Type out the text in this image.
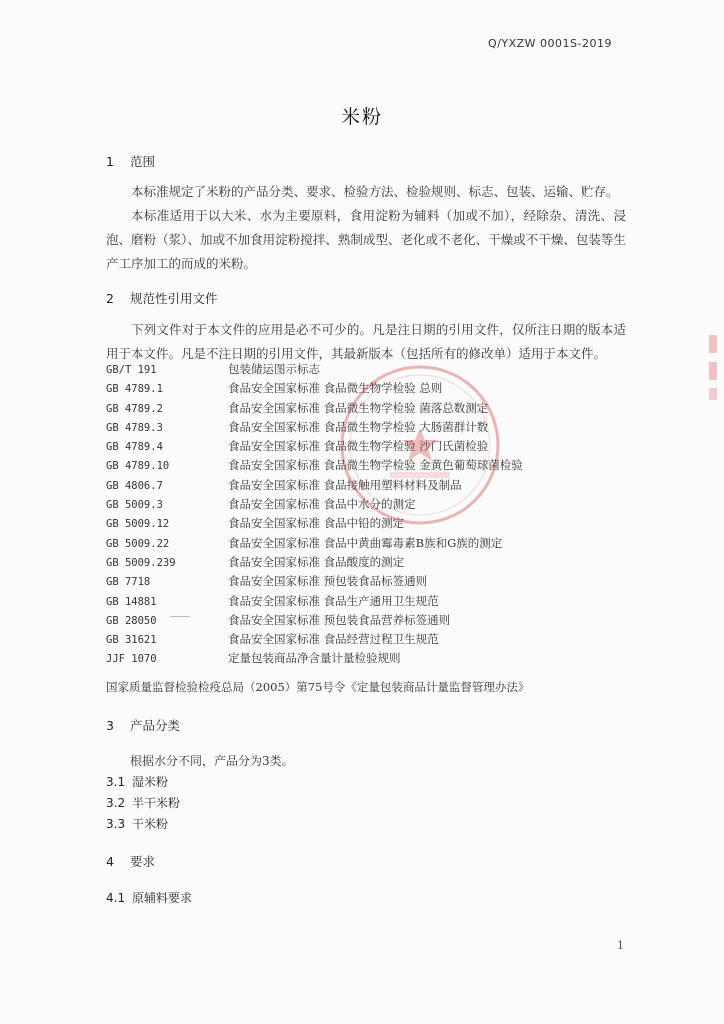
Q/YXZW 0001S-2019
米粉
1 范围

本标准规定了米粉的产品分类、要求、检验方法、检验规则、标志、包装、运输、贮存。

本标准适用于以大米、水为主要原料，食用淀粉为辅料（加或不加），经除杂、清洗、浸泡、磨粉（浆）、加或不加食用淀粉搅拌、熟制成型、老化或不老化、干燥或不干燥、包装等生产工序加工的而成的米粉。

2 规范性引用文件

下列文件对于本文件的应用是必不可少的。凡是注日期的引用文件，仅所注日期的版本适用于本文件。凡是不注日期的引用文件，其最新版本（包括所有的修改单）适用于本文件。

GB/T 191	包装储运图示标志
GB 4789.1	食品安全国家标准 食品微生物学检验 总则
GB 4789.2	食品安全国家标准 食品微生物学检验 菌落总数测定
GB 4789.3	食品安全国家标准 食品微生物学检验 大肠菌群计数
GB 4789.4	食品安全国家标准 食品微生物学检验 沙门氏菌检验
GB 4789.10	食品安全国家标准 食品微生物学检验 金黄色葡萄球菌检验
GB 4806.7	食品安全国家标准 食品接触用塑料材料及制品
GB 5009.3	食品安全国家标准 食品中水分的测定
GB 5009.12	食品安全国家标准 食品中铅的测定
GB 5009.22	食品安全国家标准 食品中黄曲霉毒素B族和G族的测定
GB 5009.239	食品安全国家标准 食品酸度的测定
GB 7718	食品安全国家标准 预包装食品标签通则
GB 14881	食品安全国家标准 食品生产通用卫生规范
GB 28050	食品安全国家标准 预包装食品营养标签通则
GB 31621	食品安全国家标准 食品经营过程卫生规范
JJF 1070	定量包装商品净含量计量检验规则
国家质量监督检验检疫总局（2005）第75号令《定量包装商品计量监督管理办法》
3 产品分类
根据水分不同，产品分为3类。
3.1 湿米粉
3.2 半干米粉
3.3 干米粉
4 要求
4.1 原辅料要求
1
